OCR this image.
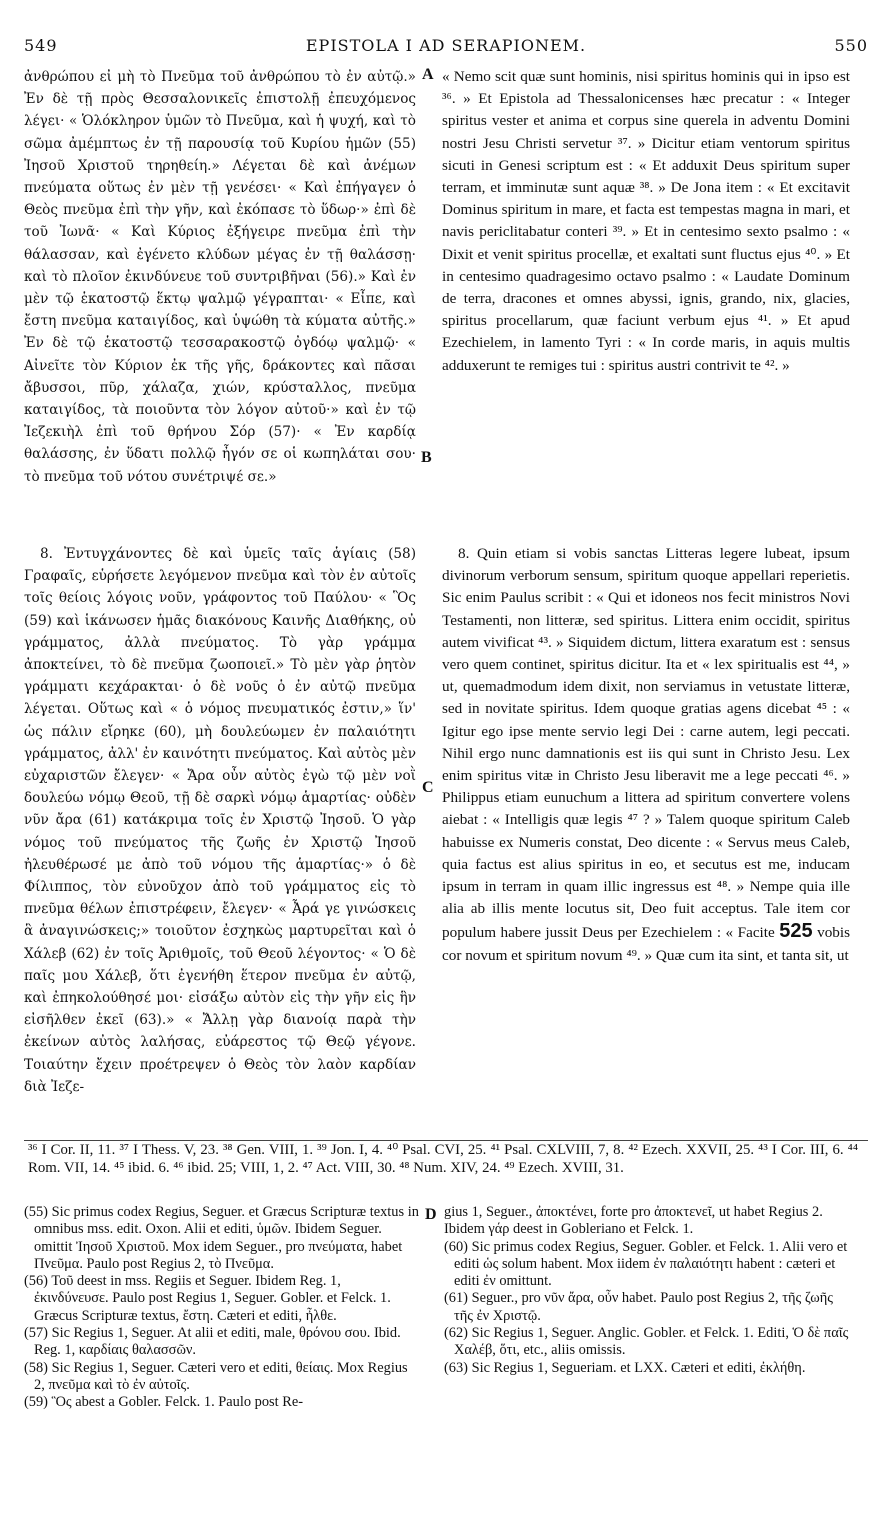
549	EPISTOLA I AD SERAPIONEM.	550
A
B
C
D

ἀνθρώπου εἰ μὴ τὸ Πνεῦμα τοῦ ἀνθρώπου τὸ ἐν αὐτῷ.» Ἐν δὲ τῇ πρὸς Θεσσαλονικεῖς ἐπιστολῇ ἐπευχόμενος λέγει· « Ὁλόκληρον ὑμῶν τὸ Πνεῦμα, καὶ ἡ ψυχή, καὶ τὸ σῶμα ἀμέμπτως ἐν τῇ παρουσίᾳ τοῦ Κυρίου ἡμῶν (55) Ἰησοῦ Χριστοῦ τηρηθείη.» Λέγεται δὲ καὶ ἀνέμων πνεύματα οὕτως ἐν μὲν τῇ γενέσει· « Καὶ ἐπήγαγεν ὁ Θεὸς πνεῦμα ἐπὶ τὴν γῆν, καὶ ἐκόπασε τὸ ὕδωρ·» ἐπὶ δὲ τοῦ Ἰωνᾶ· « Καὶ Κύριος ἐξήγειρε πνεῦμα ἐπὶ τὴν θάλασσαν, καὶ ἐγένετο κλύδων μέγας ἐν τῇ θαλάσσῃ· καὶ τὸ πλοῖον ἐκινδύνευε τοῦ συντριβῆναι (56).» Καὶ ἐν μὲν τῷ ἑκατοστῷ ἕκτῳ ψαλμῷ γέγραπται· « Εἶπε, καὶ ἔστη πνεῦμα καταιγίδος, καὶ ὑψώθη τὰ κύματα αὐτῆς.» Ἐν δὲ τῷ ἑκατοστῷ τεσσαρακοστῷ ὀγδόῳ ψαλμῷ· « Αἰνεῖτε τὸν Κύριον ἐκ τῆς γῆς, δράκοντες καὶ πᾶσαι ἄβυσσοι, πῦρ, χάλαζα, χιών, κρύσταλλος, πνεῦμα καταιγίδος, τὰ ποιοῦντα τὸν λόγον αὐτοῦ·» καὶ ἐν τῷ Ἰεζεκιὴλ ἐπὶ τοῦ θρήνου Σόρ (57)· « Ἐν καρδίᾳ θαλάσσης, ἐν ὕδατι πολλῷ ἦγόν σε οἱ κωπηλάται σου· τὸ πνεῦμα τοῦ νότου συνέτριψέ σε.»

« Nemo scit quæ sunt hominis, nisi spiritus hominis qui in ipso est ³⁶. » Et Epistola ad Thessalonicenses hæc precatur : « Integer spiritus vester et anima et corpus sine querela in adventu Domini nostri Jesu Christi servetur ³⁷. » Dicitur etiam ventorum spiritus sicuti in Genesi scriptum est : « Et adduxit Deus spiritum super terram, et imminutæ sunt aquæ ³⁸. » De Jona item : « Et excitavit Dominus spiritum in mare, et facta est tempestas magna in mari, et navis periclitabatur conteri ³⁹. » Et in centesimo sexto psalmo : « Dixit et venit spiritus procellæ, et exaltati sunt fluctus ejus ⁴⁰. » Et in centesimo quadragesimo octavo psalmo : « Laudate Dominum de terra, dracones et omnes abyssi, ignis, grando, nix, glacies, spiritus procellarum, quæ faciunt verbum ejus ⁴¹. » Et apud Ezechielem, in lamento Tyri : « In corde maris, in aquis multis adduxerunt te remiges tui : spiritus austri contrivit te ⁴². »

8. Ἐντυγχάνοντες δὲ καὶ ὑμεῖς ταῖς ἁγίαις (58) Γραφαῖς, εὑρήσετε λεγόμενον πνεῦμα καὶ τὸν ἐν αὐτοῖς τοῖς θείοις λόγοις νοῦν, γράφοντος τοῦ Παύλου· « Ὃς (59) καὶ ἱκάνωσεν ἡμᾶς διακόνους Καινῆς Διαθήκης, οὐ γράμματος, ἀλλὰ πνεύματος. Τὸ γὰρ γράμμα ἀποκτείνει, τὸ δὲ πνεῦμα ζωοποιεῖ.» Τὸ μὲν γὰρ ῥητὸν γράμματι κεχάρακται· ὁ δὲ νοῦς ὁ ἐν αὐτῷ πνεῦμα λέγεται. Οὕτως καὶ « ὁ νόμος πνευματικός ἐστιν,» ἵν' ὡς πάλιν εἴρηκε (60), μὴ δουλεύωμεν ἐν παλαιότητι γράμματος, ἀλλ' ἐν καινότητι πνεύματος. Καὶ αὐτὸς μὲν εὐχαριστῶν ἔλεγεν· « Ἄρα οὖν αὐτὸς ἐγὼ τῷ μὲν νοῒ δουλεύω νόμῳ Θεοῦ, τῇ δὲ σαρκὶ νόμῳ ἁμαρτίας· οὐδὲν νῦν ἄρα (61) κατάκριμα τοῖς ἐν Χριστῷ Ἰησοῦ. Ὁ γὰρ νόμος τοῦ πνεύματος τῆς ζωῆς ἐν Χριστῷ Ἰησοῦ ἠλευθέρωσέ με ἀπὸ τοῦ νόμου τῆς ἁμαρτίας·» ὁ δὲ Φίλιππος, τὸν εὐνοῦχον ἀπὸ τοῦ γράμματος εἰς τὸ πνεῦμα θέλων ἐπιστρέφειν, ἔλεγεν· « Ἆρά γε γινώσκεις ἃ ἀναγινώσκεις;» τοιοῦτον ἐσχηκὼς μαρτυρεῖται καὶ ὁ Χάλεβ (62) ἐν τοῖς Ἀριθμοῖς, τοῦ Θεοῦ λέγοντος· « Ὁ δὲ παῖς μου Χάλεβ, ὅτι ἐγενήθη ἕτερον πνεῦμα ἐν αὐτῷ, καὶ ἐπηκολούθησέ μοι· εἰσάξω αὐτὸν εἰς τὴν γῆν εἰς ἣν εἰσῆλθεν ἐκεῖ (63).» « Ἄλλῃ γὰρ διανοίᾳ παρὰ τὴν ἐκείνων αὐτὸς λαλήσας, εὐάρεστος τῷ Θεῷ γέγονε. Τοιαύτην ἔχειν προέτρεψεν ὁ Θεὸς τὸν λαὸν καρδίαν διὰ Ἰεζε-

8. Quin etiam si vobis sanctas Litteras legere lubeat, ipsum divinorum verborum sensum, spiritum quoque appellari reperietis. Sic enim Paulus scribit : « Qui et idoneos nos fecit ministros Novi Testamenti, non litteræ, sed spiritus. Littera enim occidit, spiritus autem vivificat ⁴³. » Siquidem dictum, littera exaratum est : sensus vero quem continet, spiritus dicitur. Ita et « lex spiritualis est ⁴⁴, » ut, quemadmodum idem dixit, non serviamus in vetustate litteræ, sed in novitate spiritus. Idem quoque gratias agens dicebat ⁴⁵ : « Igitur ego ipse mente servio legi Dei : carne autem, legi peccati. Nihil ergo nunc damnationis est iis qui sunt in Christo Jesu. Lex enim spiritus vitæ in Christo Jesu liberavit me a lege peccati ⁴⁶. » Philippus etiam eunuchum a littera ad spiritum convertere volens aiebat : « Intelligis quæ legis ⁴⁷ ? » Talem quoque spiritum Caleb habuisse ex Numeris constat, Deo dicente : « Servus meus Caleb, quia factus est alius spiritus in eo, et secutus est me, inducam ipsum in terram in quam illic ingressus est ⁴⁸. » Nempe quia ille alia ab illis mente locutus sit, Deo fuit acceptus. Tale item cor populum habere jussit Deus per Ezechielem : « Facite 525 vobis cor novum et spiritum novum ⁴⁹. » Quæ cum ita sint, et tanta sit, ut

³⁶ I Cor. II, 11. ³⁷ I Thess. V, 23. ³⁸ Gen. VIII, 1. ³⁹ Jon. I, 4. ⁴⁰ Psal. CVI, 25. ⁴¹ Psal. CXLVIII, 7, 8. ⁴² Ezech. XXVII, 25. ⁴³ I Cor. III, 6. ⁴⁴ Rom. VII, 14. ⁴⁵ ibid. 6. ⁴⁶ ibid. 25; VIII, 1, 2. ⁴⁷ Act. VIII, 30. ⁴⁸ Num. XIV, 24. ⁴⁹ Ezech. XVIII, 31.

(55) Sic primus codex Regius, Seguer. et Græcus Scripturæ textus in omnibus mss. edit. Oxon. Alii et editi, ὑμῶν. Ibidem Seguer. omittit Ἰησοῦ Χριστοῦ. Mox idem Seguer., pro πνεύματα, habet Πνεῦμα. Paulo post Regius 2, τὸ Πνεῦμα.

(56) Τοῦ deest in mss. Regiis et Seguer. Ibidem Reg. 1, ἐκινδύνευσε. Paulo post Regius 1, Seguer. Gobler. et Felck. 1. Græcus Scripturæ textus, ἔστη. Cæteri et editi, ἦλθε.

(57) Sic Regius 1, Seguer. At alii et editi, male, θρόνου σου. Ibid. Reg. 1, καρδίαις θαλασσῶν.

(58) Sic Regius 1, Seguer. Cæteri vero et editi, θείαις. Mox Regius 2, πνεῦμα καὶ τὸ ἐν αὐτοῖς.

(59) Ὃς abest a Gobler. Felck. 1. Paulo post Re-

gius 1, Seguer., ἀποκτένει, forte pro ἀποκτενεῖ, ut habet Regius 2. Ibidem γάρ deest in Gobleriano et Felck. 1.

(60) Sic primus codex Regius, Seguer. Gobler. et Felck. 1. Alii vero et editi ὡς solum habent. Mox iidem ἐν παλαιότητι habent : cæteri et editi ἐν omittunt.

(61) Seguer., pro νῦν ἄρα, οὖν habet. Paulo post Regius 2, τῆς ζωῆς τῆς ἐν Χριστῷ.

(62) Sic Regius 1, Seguer. Anglic. Gobler. et Felck. 1. Editi, Ὁ δὲ παῖς Χαλέβ, ὅτι, etc., aliis omissis.

(63) Sic Regius 1, Segueriam. et LXX. Cæteri et editi, ἐκλήθη.
